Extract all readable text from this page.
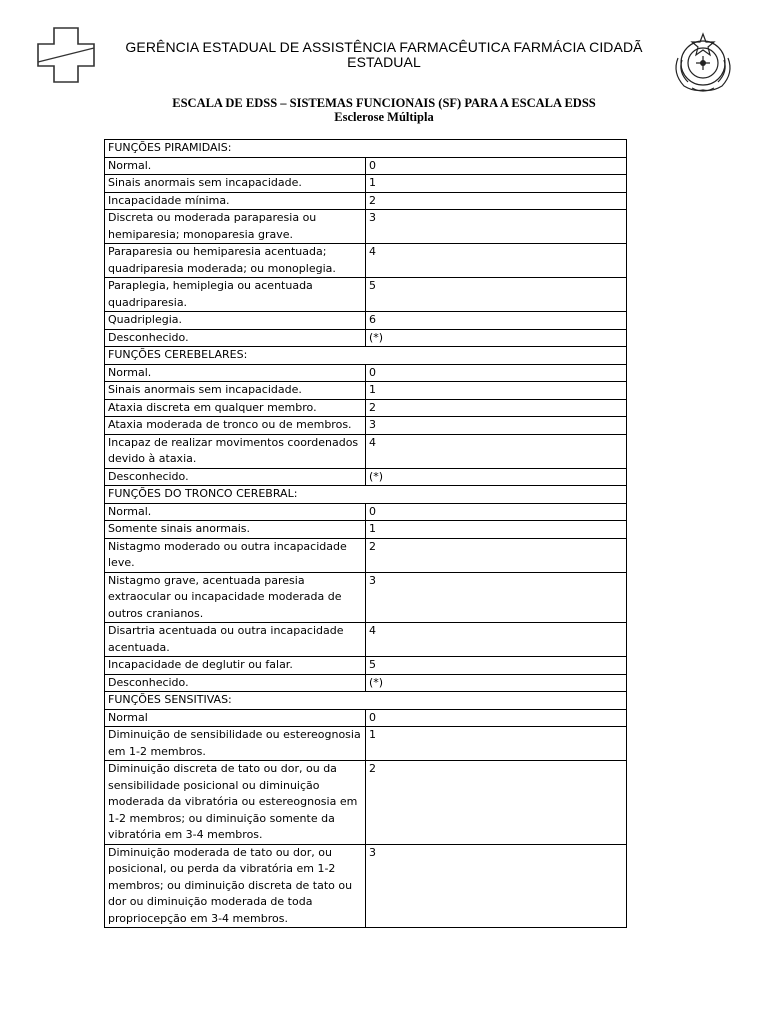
GERÊNCIA ESTADUAL DE ASSISTÊNCIA FARMACÊUTICA FARMÁCIA CIDADÃ ESTADUAL
ESCALA DE EDSS – SISTEMAS FUNCIONAIS (SF) PARA A ESCALA EDSS
Esclerose Múltipla
FUNÇÕES PIRAMIDAIS:	
Normal.	0
Sinais anormais sem incapacidade.	1
Incapacidade mínima.	2
Discreta ou moderada paraparesia ou hemiparesia; monoparesia grave.	3
Paraparesia ou hemiparesia acentuada; quadriparesia moderada; ou monoplegia.	4
Paraplegia, hemiplegia ou acentuada quadriparesia.	5
Quadriplegia.	6
Desconhecido.	(*)
FUNÇÕES CEREBELARES:	
Normal.	0
Sinais anormais sem incapacidade.	1
Ataxia discreta em qualquer membro.	2
Ataxia moderada de tronco ou de membros.	3
Incapaz de realizar movimentos coordenados devido à ataxia.	4
Desconhecido.	(*)
FUNÇÕES DO TRONCO CEREBRAL:	
Normal.	0
Somente sinais anormais.	1
Nistagmo moderado ou outra incapacidade leve.	2
Nistagmo grave, acentuada paresia extraocular ou incapacidade moderada de outros cranianos.	3
Disartria acentuada ou outra incapacidade acentuada.	4
Incapacidade de deglutir ou falar.	5
Desconhecido.	(*)
FUNÇÕES SENSITIVAS:	
Normal	0
Diminuição de sensibilidade ou estereognosia em 1-2 membros.	1
Diminuição discreta de tato ou dor, ou da sensibilidade posicional ou diminuição moderada da vibratória ou estereognosia em 1-2 membros; ou diminuição somente da vibratória em 3-4 membros.	2
Diminuição moderada de tato ou dor, ou posicional, ou perda da vibratória em 1-2 membros; ou diminuição discreta de tato ou dor ou diminuição moderada de toda propriocepção em 3-4 membros.	3
